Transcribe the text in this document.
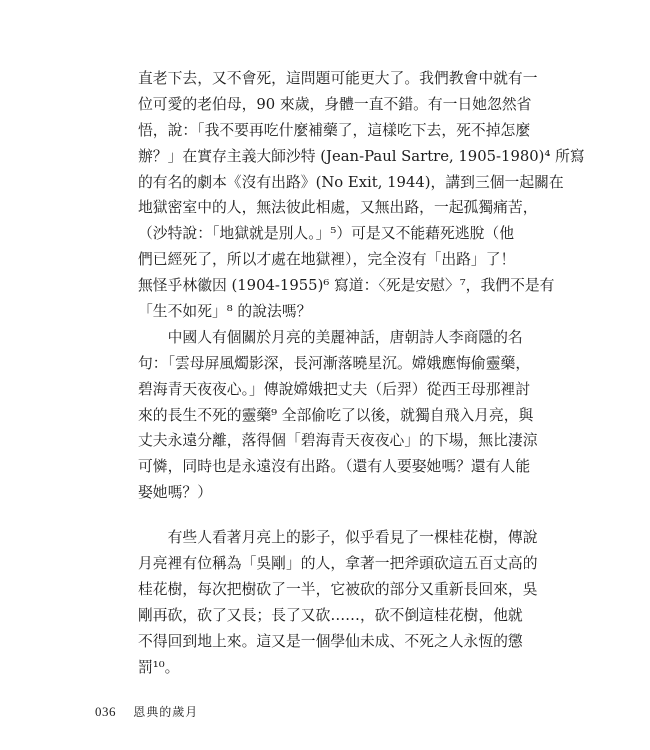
直老下去，又不會死，這問題可能更大了。我們教會中就有一
位可愛的老伯母，90 來歲，身體一直不錯。有一日她忽然省
悟，說：「我不要再吃什麼補藥了，這樣吃下去，死不掉怎麼
辦？」在實存主義大師沙特 (Jean-Paul Sartre, 1905-1980)⁴ 所寫
的有名的劇本《沒有出路》(No Exit, 1944)，講到三個一起關在
地獄密室中的人，無法彼此相處，又無出路，一起孤獨痛苦，
（沙特說：「地獄就是別人。」⁵）可是又不能藉死逃脫（他
們已經死了，所以才處在地獄裡），完全沒有「出路」了！
無怪乎林徽因 (1904-1955)⁶ 寫道：〈死是安慰〉⁷，我們不是有
「生不如死」⁸ 的說法嗎？
　　中國人有個關於月亮的美麗神話，唐朝詩人李商隱的名
句：「雲母屏風燭影深，長河漸落曉星沉。嫦娥應悔偷靈藥，
碧海青天夜夜心。」傳說嫦娥把丈夫（后羿）從西王母那裡討
來的長生不死的靈藥⁹ 全部偷吃了以後，就獨自飛入月亮，與
丈夫永遠分離，落得個「碧海青天夜夜心」的下場，無比淒涼
可憐，同時也是永遠沒有出路。（還有人要娶她嗎？還有人能
娶她嗎？）
　　有些人看著月亮上的影子，似乎看見了一棵桂花樹，傳說
月亮裡有位稱為「吳剛」的人，拿著一把斧頭砍這五百丈高的
桂花樹，每次把樹砍了一半，它被砍的部分又重新長回來，吳
剛再砍，砍了又長；長了又砍……，砍不倒這桂花樹，他就
不得回到地上來。這又是一個學仙未成、不死之人永恆的懲
罰¹⁰。
036 恩典的歲月
